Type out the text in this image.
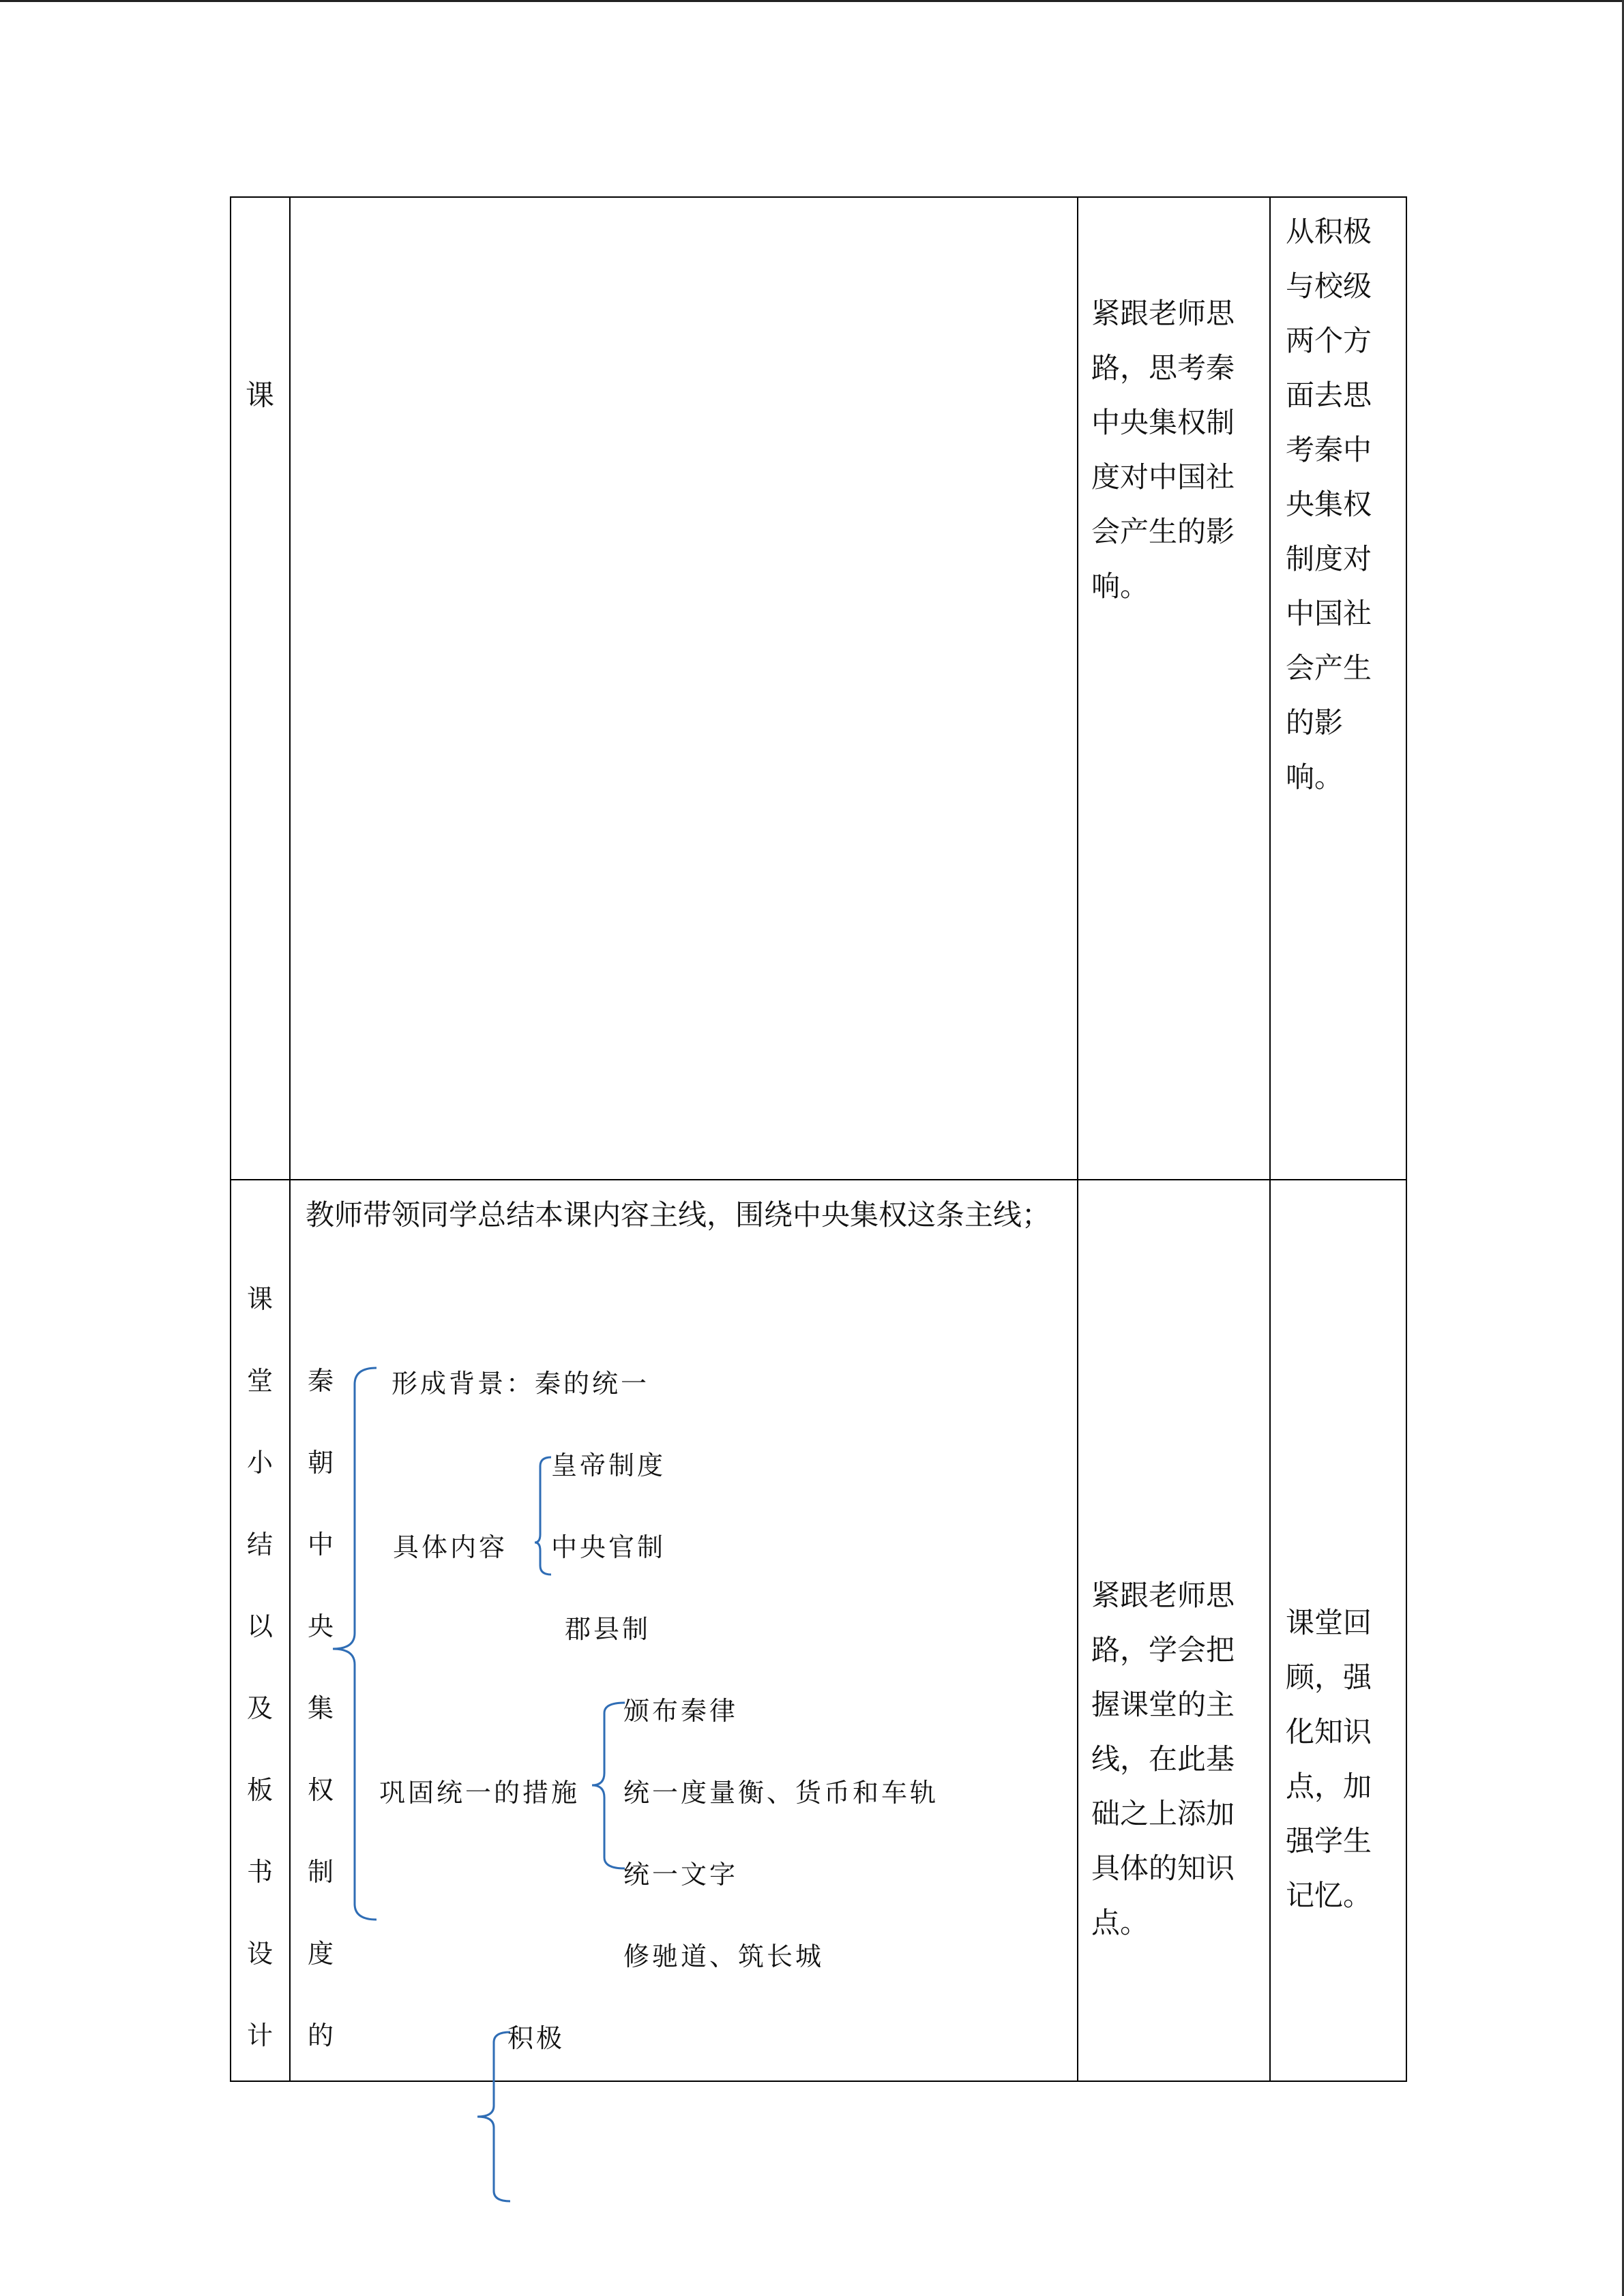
课
紧跟老师思路，思考秦中央集权制度对中国社会产生的影响。
从积极与校级两个方面去思考秦中央集权制度对中国社会产生的影响。
课
堂
小
结
以
及
板
书
设
计
教师带领同学总结本课内容主线，围绕中央集权这条主线；
紧跟老师思路，学会把握课堂的主线，在此基础之上添加具体的知识点。
课堂回顾，强化知识点，加强学生记忆。
秦
朝
中
央
集
权
制
度
的
形成背景：秦的统一
具体内容
皇帝制度
中央官制
郡县制
巩固统一的措施
颁布秦律
统一度量衡、货币和车轨
统一文字
修驰道、筑长城
积极
